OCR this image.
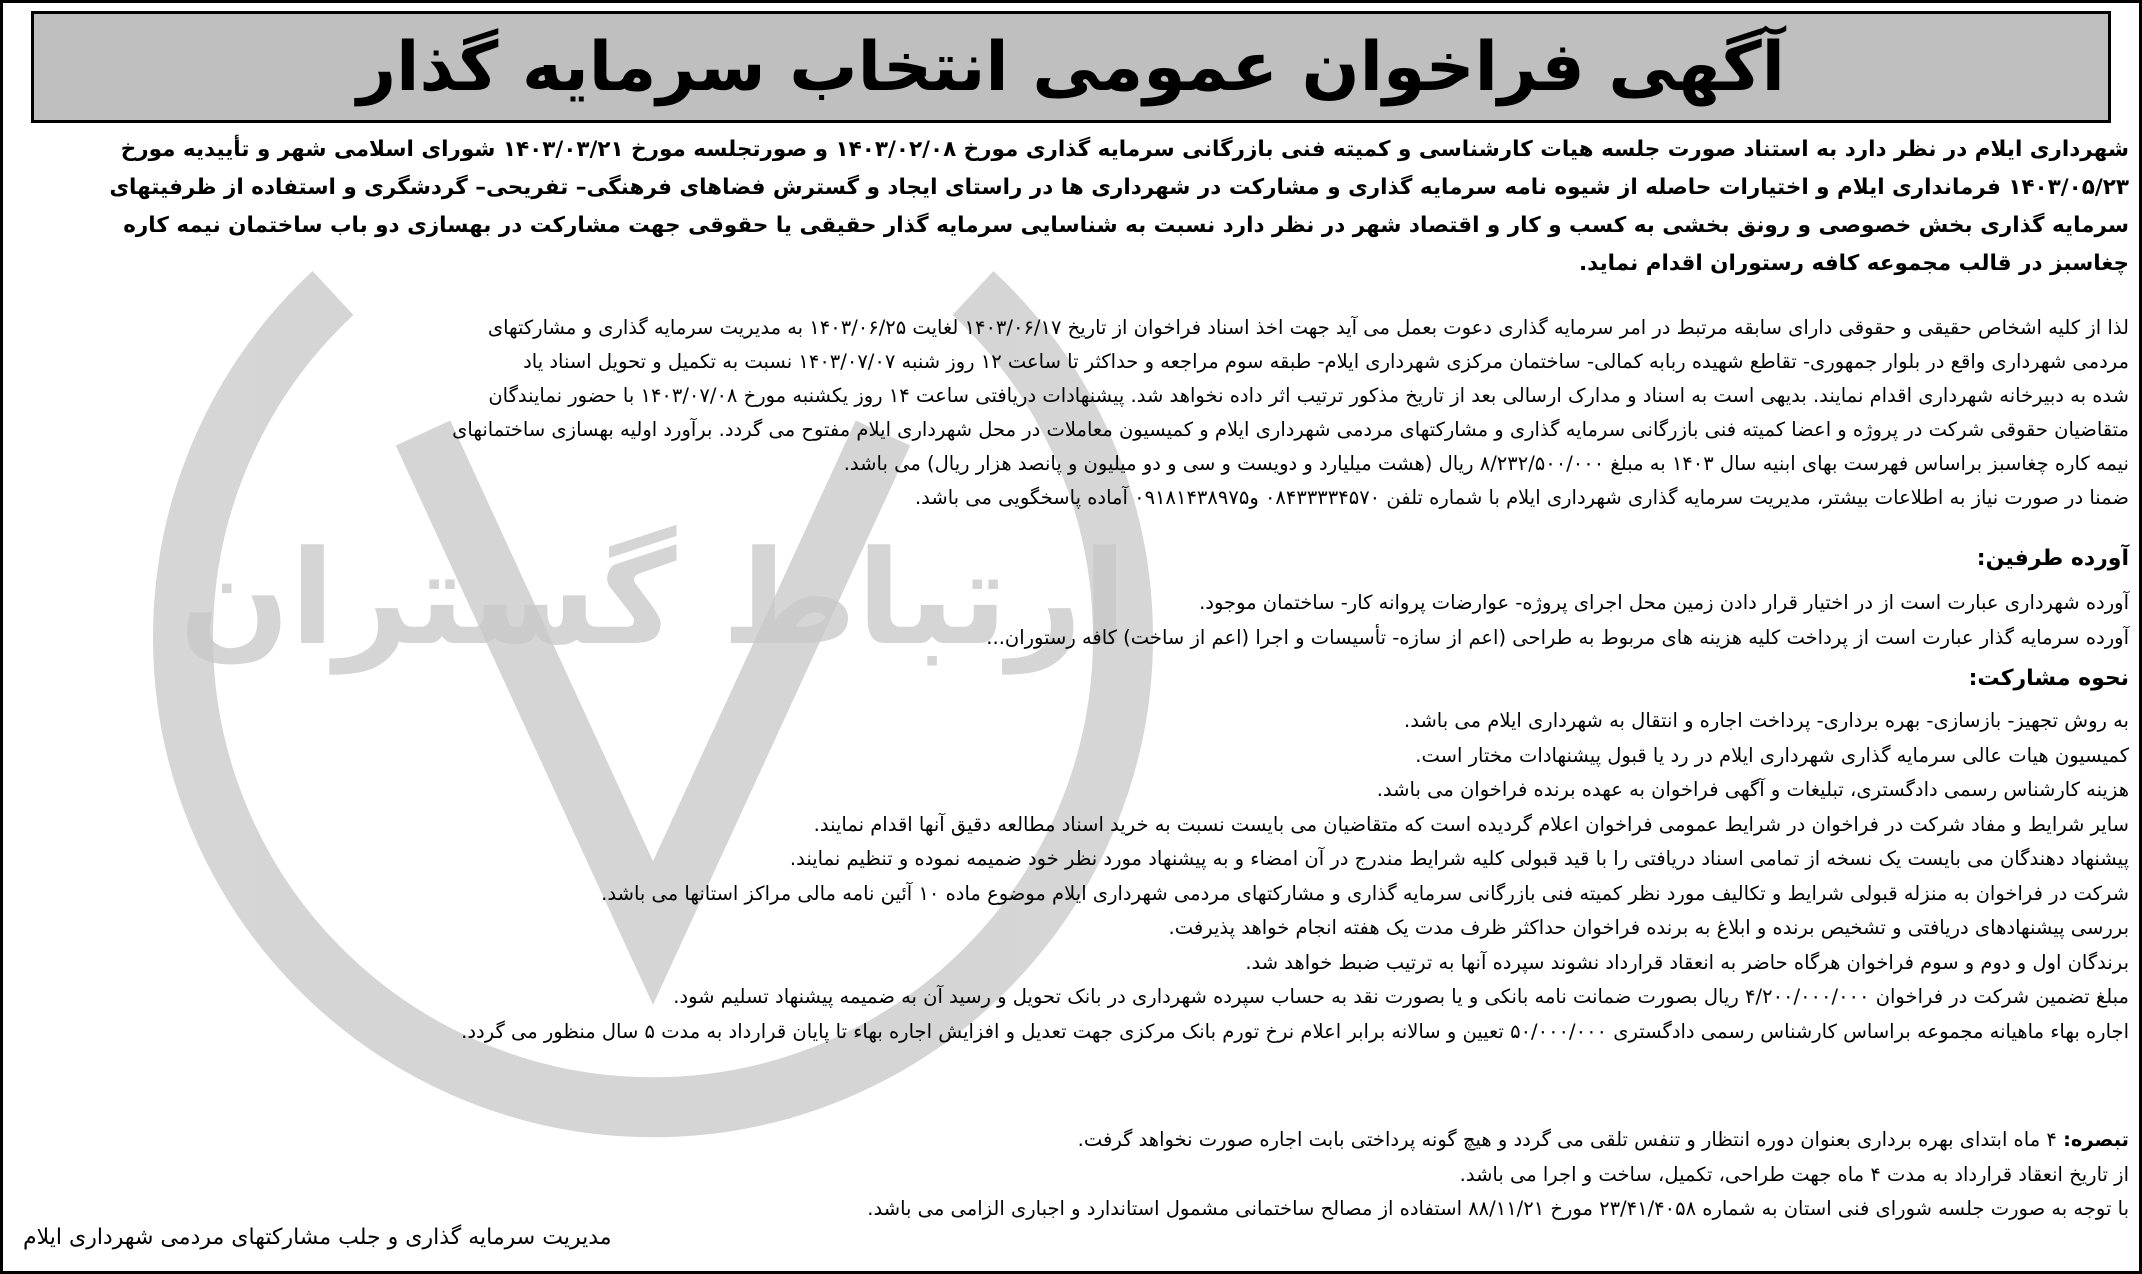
ارتباط گستران
آگهی فراخوان عمومی انتخاب سرمایه گذار

شهرداری ایلام در نظر دارد به استناد صورت جلسه هیات کارشناسی و کمیته فنی بازرگانی سرمایه گذاری مورخ ۱۴۰۳/۰۲/۰۸ و صورتجلسه مورخ ۱۴۰۳/۰۳/۲۱ شورای اسلامی شهر و تأییدیه مورخ

۱۴۰۳/۰۵/۲۳ فرمانداری ایلام و اختیارات حاصله از شیوه نامه سرمایه گذاری و مشارکت در شهرداری ها در راستای ایجاد و گسترش فضاهای فرهنگی– تفریحی– گردشگری و استفاده از ظرفیتهای

سرمایه گذاری بخش خصوصی و رونق بخشی به کسب و کار و اقتصاد شهر در نظر دارد نسبت به شناسایی سرمایه گذار حقیقی یا حقوقی جهت مشارکت در بهسازی دو باب ساختمان نیمه کاره

چغاسبز در قالب مجموعه کافه رستوران اقدام نماید.

لذا از کلیه اشخاص حقیقی و حقوقی دارای سابقه مرتبط در امر سرمایه گذاری دعوت بعمل می آید جهت اخذ اسناد فراخوان از تاریخ ۱۴۰۳/۰۶/۱۷ لغایت ۱۴۰۳/۰۶/۲۵ به مدیریت سرمایه گذاری و مشارکتهای

مردمی شهرداری واقع در بلوار جمهوری- تقاطع شهیده ربابه کمالی- ساختمان مرکزی شهرداری ایلام- طبقه سوم مراجعه و حداکثر تا ساعت ۱۲ روز شنبه ۱۴۰۳/۰۷/۰۷ نسبت به تکمیل و تحویل اسناد یاد

شده به دبیرخانه شهرداری اقدام نمایند. بدیهی است به اسناد و مدارک ارسالی بعد از تاریخ مذکور ترتیب اثر داده نخواهد شد. پیشنهادات دریافتی ساعت ۱۴ روز یکشنبه مورخ ۱۴۰۳/۰۷/۰۸ با حضور نمایندگان

متقاضیان حقوقی شرکت در پروژه و اعضا کمیته فنی بازرگانی سرمایه گذاری و مشارکتهای مردمی شهرداری ایلام و کمیسیون معاملات در محل شهرداری ایلام مفتوح می گردد. برآورد اولیه بهسازی ساختمانهای

نیمه کاره چغاسبز براساس فهرست بهای ابنیه سال ۱۴۰۳ به مبلغ ۸/۲۳۲/۵۰۰/۰۰۰ ریال (هشت میلیارد و دویست و سی و دو میلیون و پانصد هزار ریال) می باشد.

ضمنا در صورت نیاز به اطلاعات بیشتر، مدیریت سرمایه گذاری شهرداری ایلام با شماره تلفن ۰۸۴۳۳۳۳۴۵۷۰ و۰۹۱۸۱۴۳۸۹۷۵ آماده پاسخگویی می باشد.

آورده طرفین:

آورده شهرداری عبارت است از در اختیار قرار دادن زمین محل اجرای پروژه- عوارضات پروانه کار- ساختمان موجود.

آورده سرمایه گذار عبارت است از پرداخت کلیه هزینه های مربوط به طراحی (اعم از سازه- تأسیسات و اجرا (اعم از ساخت) کافه رستوران...

نحوه مشارکت:

به روش تجهیز- بازسازی- بهره برداری- پرداخت اجاره و انتقال به شهرداری ایلام می باشد.

کمیسیون هیات عالی سرمایه گذاری شهرداری ایلام در رد یا قبول پیشنهادات مختار است.

هزینه کارشناس رسمی دادگستری، تبلیغات و آگهی فراخوان به عهده برنده فراخوان می باشد.

سایر شرایط و مفاد شرکت در فراخوان در شرایط عمومی فراخوان اعلام گردیده است که متقاضیان می بایست نسبت به خرید اسناد مطالعه دقیق آنها اقدام نمایند.

پیشنهاد دهندگان می بایست یک نسخه از تمامی اسناد دریافتی را با قید قبولی کلیه شرایط مندرج در آن امضاء و به پیشنهاد مورد نظر خود ضمیمه نموده و تنظیم نمایند.

شرکت در فراخوان به منزله قبولی شرایط و تکالیف مورد نظر کمیته فنی بازرگانی سرمایه گذاری و مشارکتهای مردمی شهرداری ایلام موضوع ماده ۱۰ آئین نامه مالی مراکز استانها می باشد.

بررسی پیشنهادهای دریافتی و تشخیص برنده و ابلاغ به برنده فراخوان حداکثر ظرف مدت یک هفته انجام خواهد پذیرفت.

برندگان اول و دوم و سوم فراخوان هرگاه حاضر به انعقاد قرارداد نشوند سپرده آنها به ترتیب ضبط خواهد شد.

مبلغ تضمین شرکت در فراخوان ۴/۲۰۰/۰۰۰/۰۰۰ ریال بصورت ضمانت نامه بانکی و یا بصورت نقد به حساب سپرده شهرداری در بانک تحویل و رسید آن به ضمیمه پیشنهاد تسلیم شود.

اجاره بهاء ماهیانه مجموعه براساس کارشناس رسمی دادگستری ۵۰/۰۰۰/۰۰۰ تعیین و سالانه برابر اعلام نرخ تورم بانک مرکزی جهت تعدیل و افزایش اجاره بهاء تا پایان قرارداد به مدت ۵ سال منظور می گردد.

تبصره: ۴ ماه ابتدای بهره برداری بعنوان دوره انتظار و تنفس تلقی می گردد و هیچ گونه پرداختی بابت اجاره صورت نخواهد گرفت.

از تاریخ انعقاد قرارداد به مدت ۴ ماه جهت طراحی، تکمیل، ساخت و اجرا می باشد.

با توجه به صورت جلسه شورای فنی استان به شماره ۲۳/۴۱/۴۰۵۸ مورخ ۸۸/۱۱/۲۱ استفاده از مصالح ساختمانی مشمول استاندارد و اجباری الزامی می باشد.

مدیریت سرمایه گذاری و جلب مشارکتهای مردمی شهرداری ایلام
